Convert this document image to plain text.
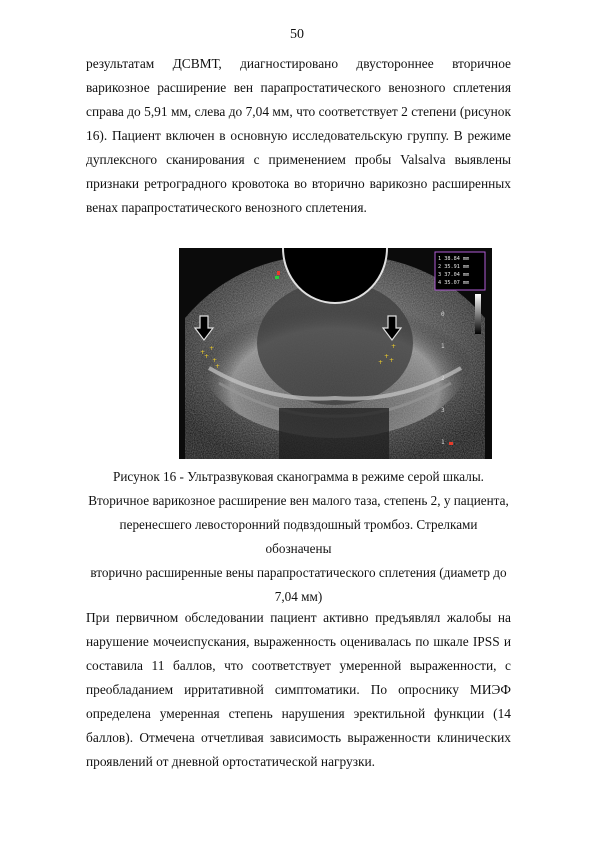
50

результатам ДСВМТ, диагностировано двустороннее вторичное варикозное расширение вен парапростатического венозного сплетения справа до 5,91 мм, слева до 7,04 мм, что соответствует 2 степени (рисунок 16). Пациент включен в основную исследовательскую группу. В режиме дуплексного сканирования с применением пробы Valsalva выявлены признаки ретроградного кровотока во вторично варикозно расширенных венах парапростатического венозного сплетения.

1 38.84 mm
2 35.91 mm
3 37.04 mm
4 35.07 mm
0
1
2
3
1
+
+
+
+
+
+
+
+ +

Рисунок 16 - Ультразвуковая сканограмма в режиме серой шкалы.
Вторичное варикозное расширение вен малого таза, степень 2, у пациента,
перенесшего левосторонний подвздошный тромбоз. Стрелками обозначены
вторично расширенные вены парапростатического сплетения (диаметр до
7,04 мм)

При первичном обследовании пациент активно предъявлял жалобы на нарушение мочеиспускания, выраженность оценивалась по шкале IPSS и составила 11 баллов, что соответствует умеренной выраженности, с преобладанием ирритативной симптоматики. По опроснику МИЭФ определена умеренная степень нарушения эректильной функции (14 баллов). Отмечена отчетливая зависимость выраженности клинических проявлений от дневной ортостатической нагрузки.
